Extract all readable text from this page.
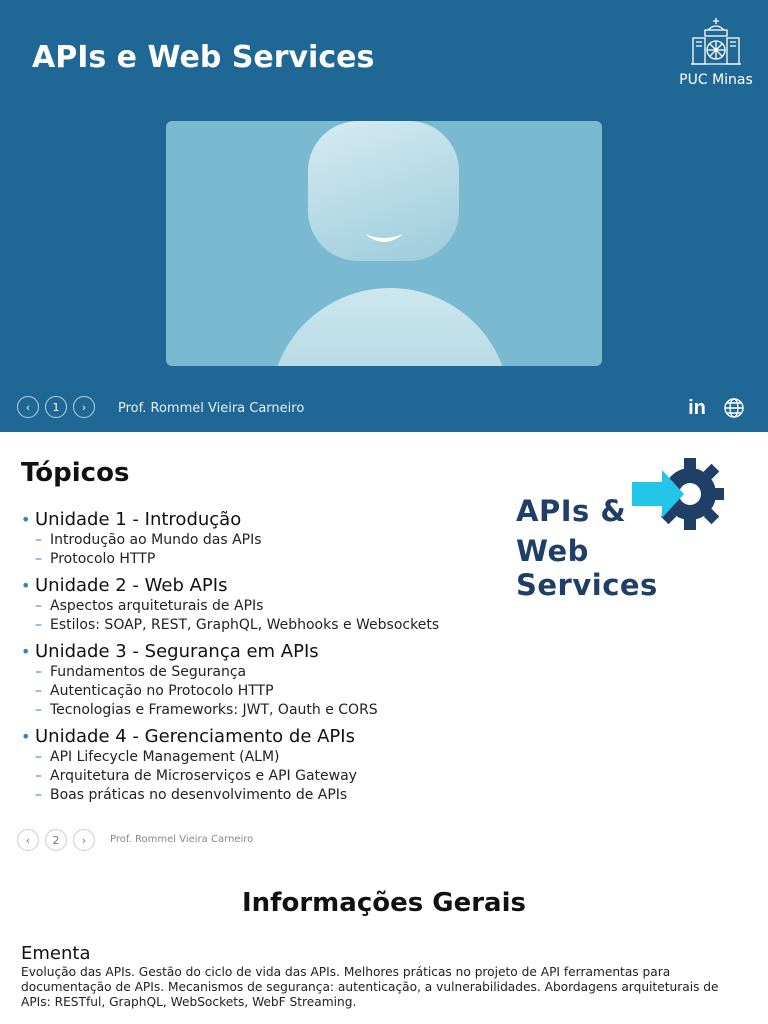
APIs e Web Services
PUC Minas
‹	1	›	Prof. Rommel Vieira Carneiro	in
Tópicos
• Unidade 1 - Introdução
– Introdução ao Mundo das APIs
– Protocolo HTTP
• Unidade 2 - Web APIs
– Aspectos arquiteturais de APIs
– Estilos: SOAP, REST, GraphQL, Webhooks e Websockets
• Unidade 3 - Segurança em APIs
– Fundamentos de Segurança
– Autenticação no Protocolo HTTP
– Tecnologias e Frameworks: JWT, Oauth e CORS
• Unidade 4 - Gerenciamento de APIs
– API Lifecycle Management (ALM)
– Arquitetura de Microserviços e API Gateway
– Boas práticas no desenvolvimento de APIs
APIs &
Web Services
‹	2	›	Prof. Rommel Vieira Carneiro
Informações Gerais
Ementa
Evolução das APIs. Gestão do ciclo de vida das APIs. Melhores práticas no projeto de API ferramentas para documentação de APIs. Mecanismos de segurança: autenticação, a vulnerabilidades. Abordagens arquiteturais de APIs: RESTful, GraphQL, WebSockets, WebF Streaming.
